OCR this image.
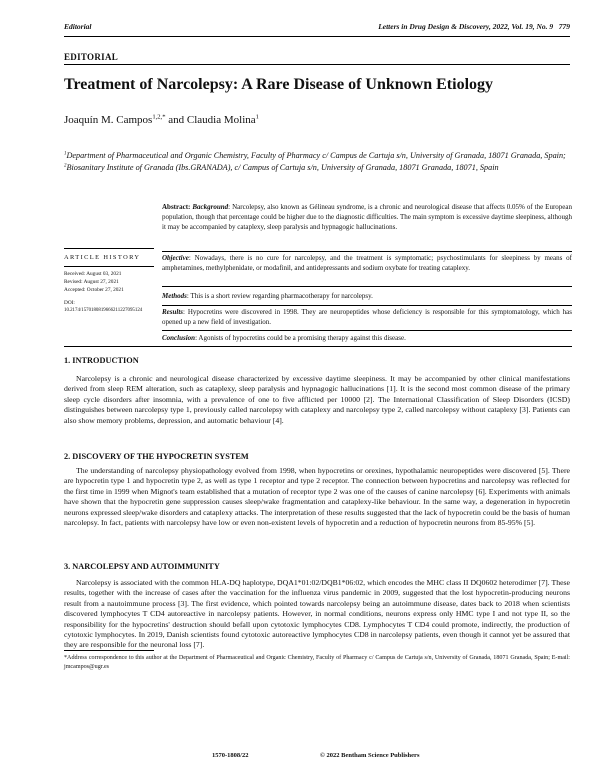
Editorial	Letters in Drug Design & Discovery, 2022, Vol. 19, No. 9 779
EDITORIAL
Treatment of Narcolepsy: A Rare Disease of Unknown Etiology
Joaquín M. Campos$^{1,2,*}$ and Claudia Molina$^1$
$^1$Department of Pharmaceutical and Organic Chemistry, Faculty of Pharmacy c/ Campus de Cartuja s/n, University of Granada, 18071 Granada, Spain; $^2$Biosanitary Institute of Granada (Ibs.GRANADA), c/ Campus of Cartuja s/n, University of Granada, 18071 Granada, 18071, Spain
ARTICLE HISTORY
Received: August 03, 2021
Revised: August 27, 2021
Accepted: October 27, 2021
DOI:
10.2174/1570180819666211227095124
Abstract: Background: Narcolepsy, also known as Gélineau syndrome, is a chronic and neurological disease that affects 0.05% of the European population, though that percentage could be higher due to the diagnostic difficulties. The main symptom is excessive daytime sleepiness, although it may be accompanied by cataplexy, sleep paralysis and hypnagogic hallucinations.
Objective: Nowadays, there is no cure for narcolepsy, and the treatment is symptomatic; psychostimulants for sleepiness by means of amphetamines, methylphenidate, or modafinil, and antidepressants and sodium oxybate for treating cataplexy.
Methods: This is a short review regarding pharmacotherapy for narcolepsy.
Results: Hypocretins were discovered in 1998. They are neuropeptides whose deficiency is responsible for this symptomatology, which has opened up a new field of investigation.
Conclusion: Agonists of hypocretins could be a promising therapy against this disease.
1. INTRODUCTION
Narcolepsy is a chronic and neurological disease characterized by excessive daytime sleepiness. It may be accompanied by other clinical manifestations derived from sleep REM alteration, such as cataplexy, sleep paralysis and hypnagogic hallucinations [1]. It is the second most common disease of the primary sleep cycle disorders after insomnia, with a prevalence of one to five afflicted per 10000 [2]. The International Classification of Sleep Disorders (ICSD) distinguishes between narcolepsy type 1, previously called narcolepsy with cataplexy and narcolepsy type 2, called narcolepsy without cataplexy [3]. Patients can also show memory problems, depression, and automatic behaviour [4].
2. DISCOVERY OF THE HYPOCRETIN SYSTEM
The understanding of narcolepsy physiopathology evolved from 1998, when hypocretins or orexines, hypothalamic neuropeptides were discovered [5]. There are hypocretin type 1 and hypocretin type 2, as well as type 1 receptor and type 2 receptor. The connection between hypocretins and narcolepsy was reflected for the first time in 1999 when Mignot's team established that a mutation of receptor type 2 was one of the causes of canine narcolepsy [6]. Experiments with animals have shown that the hypocretin gene suppression causes sleep/wake fragmentation and cataplexy-like behaviour. In the same way, a degeneration in hypocretin neurons expressed sleep/wake disorders and cataplexy attacks. The interpretation of these results suggested that the lack of hypocretin could be the basis of human narcolepsy. In fact, patients with narcolepsy have low or even non-existent levels of hypocretin and a reduction of hypocretin neurons from 85-95% [5].
3. NARCOLEPSY AND AUTOIMMUNITY
Narcolepsy is associated with the common HLA-DQ haplotype, DQA1*01:02/DQB1*06:02, which encodes the MHC class II DQ0602 heterodimer [7]. These results, together with the increase of cases after the vaccination for the influenza virus pandemic in 2009, suggested that the lost hypocretin-producing neurons result from a nautoimmune process [3]. The first evidence, which pointed towards narcolepsy being an autoimmune disease, dates back to 2018 when scientists discovered lymphocytes T CD4 autoreactive in narcolepsy patients. However, in normal conditions, neurons express only HMC type I and not type II, so the responsibility for the hypocretins' destruction should befall upon cytotoxic lymphocytes CD8. Lymphocytes T CD4 could promote, indirectly, the production of cytotoxic lymphocytes. In 2019, Danish scientists found cytotoxic autoreactive lymphocytes CD8 in narcolepsy patients, even though it cannot yet be assured that they are responsible for the neuronal loss [7].
*Address correspondence to this author at the Department of Pharmaceutical and Organic Chemistry, Faculty of Pharmacy c/ Campus de Cartuja s/n, University of Granada, 18071 Granada, Spain; E-mail: jmcampos@ugr.es
1570-1808/22	© 2022 Bentham Science Publishers
